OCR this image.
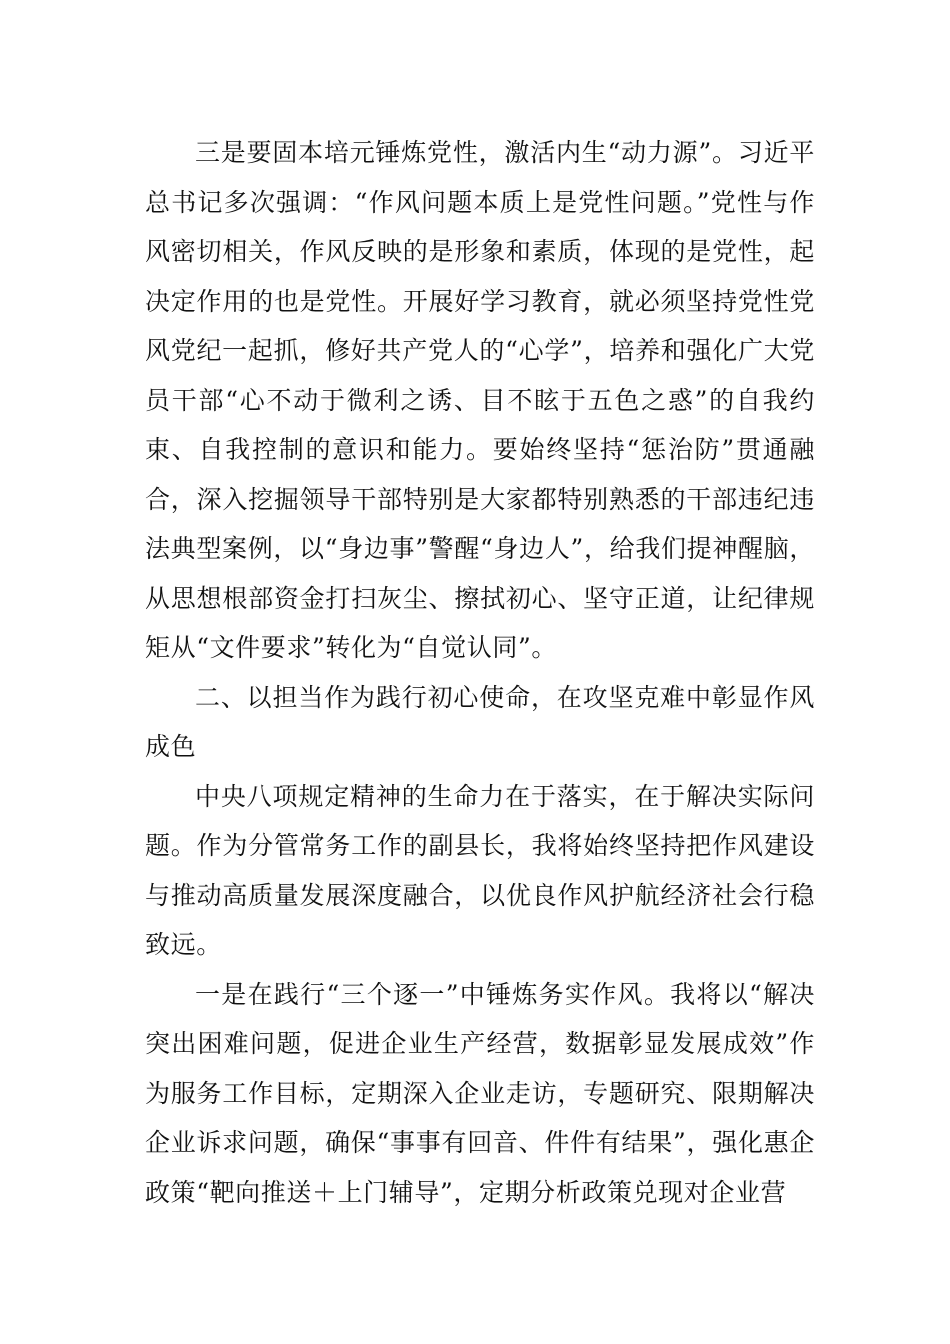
三是要固本培元锤炼党性，激活内生“动力源”。习近平总书记多次强调：“作风问题本质上是党性问题。”党性与作风密切相关，作风反映的是形象和素质，体现的是党性，起决定作用的也是党性。开展好学习教育，就必须坚持党性党风党纪一起抓，修好共产党人的“心学”，培养和强化广大党员干部“心不动于微利之诱、目不眩于五色之惑”的自我约束、自我控制的意识和能力。要始终坚持“惩治防”贯通融合，深入挖掘领导干部特别是大家都特别熟悉的干部违纪违法典型案例，以“身边事”警醒“身边人”，给我们提神醒脑，从思想根部资金打扫灰尘、擦拭初心、坚守正道，让纪律规矩从“文件要求”转化为“自觉认同”。

二、以担当作为践行初心使命，在攻坚克难中彰显作风成色

中央八项规定精神的生命力在于落实，在于解决实际问题。作为分管常务工作的副县长，我将始终坚持把作风建设与推动高质量发展深度融合，以优良作风护航经济社会行稳致远。

一是在践行“三个逐一”中锤炼务实作风。我将以“解决突出困难问题，促进企业生产经营，数据彰显发展成效”作为服务工作目标，定期深入企业走访，专题研究、限期解决企业诉求问题，确保“事事有回音、件件有结果”，强化惠企政策“靶向推送＋上门辅导”，定期分析政策兑现对企业营
